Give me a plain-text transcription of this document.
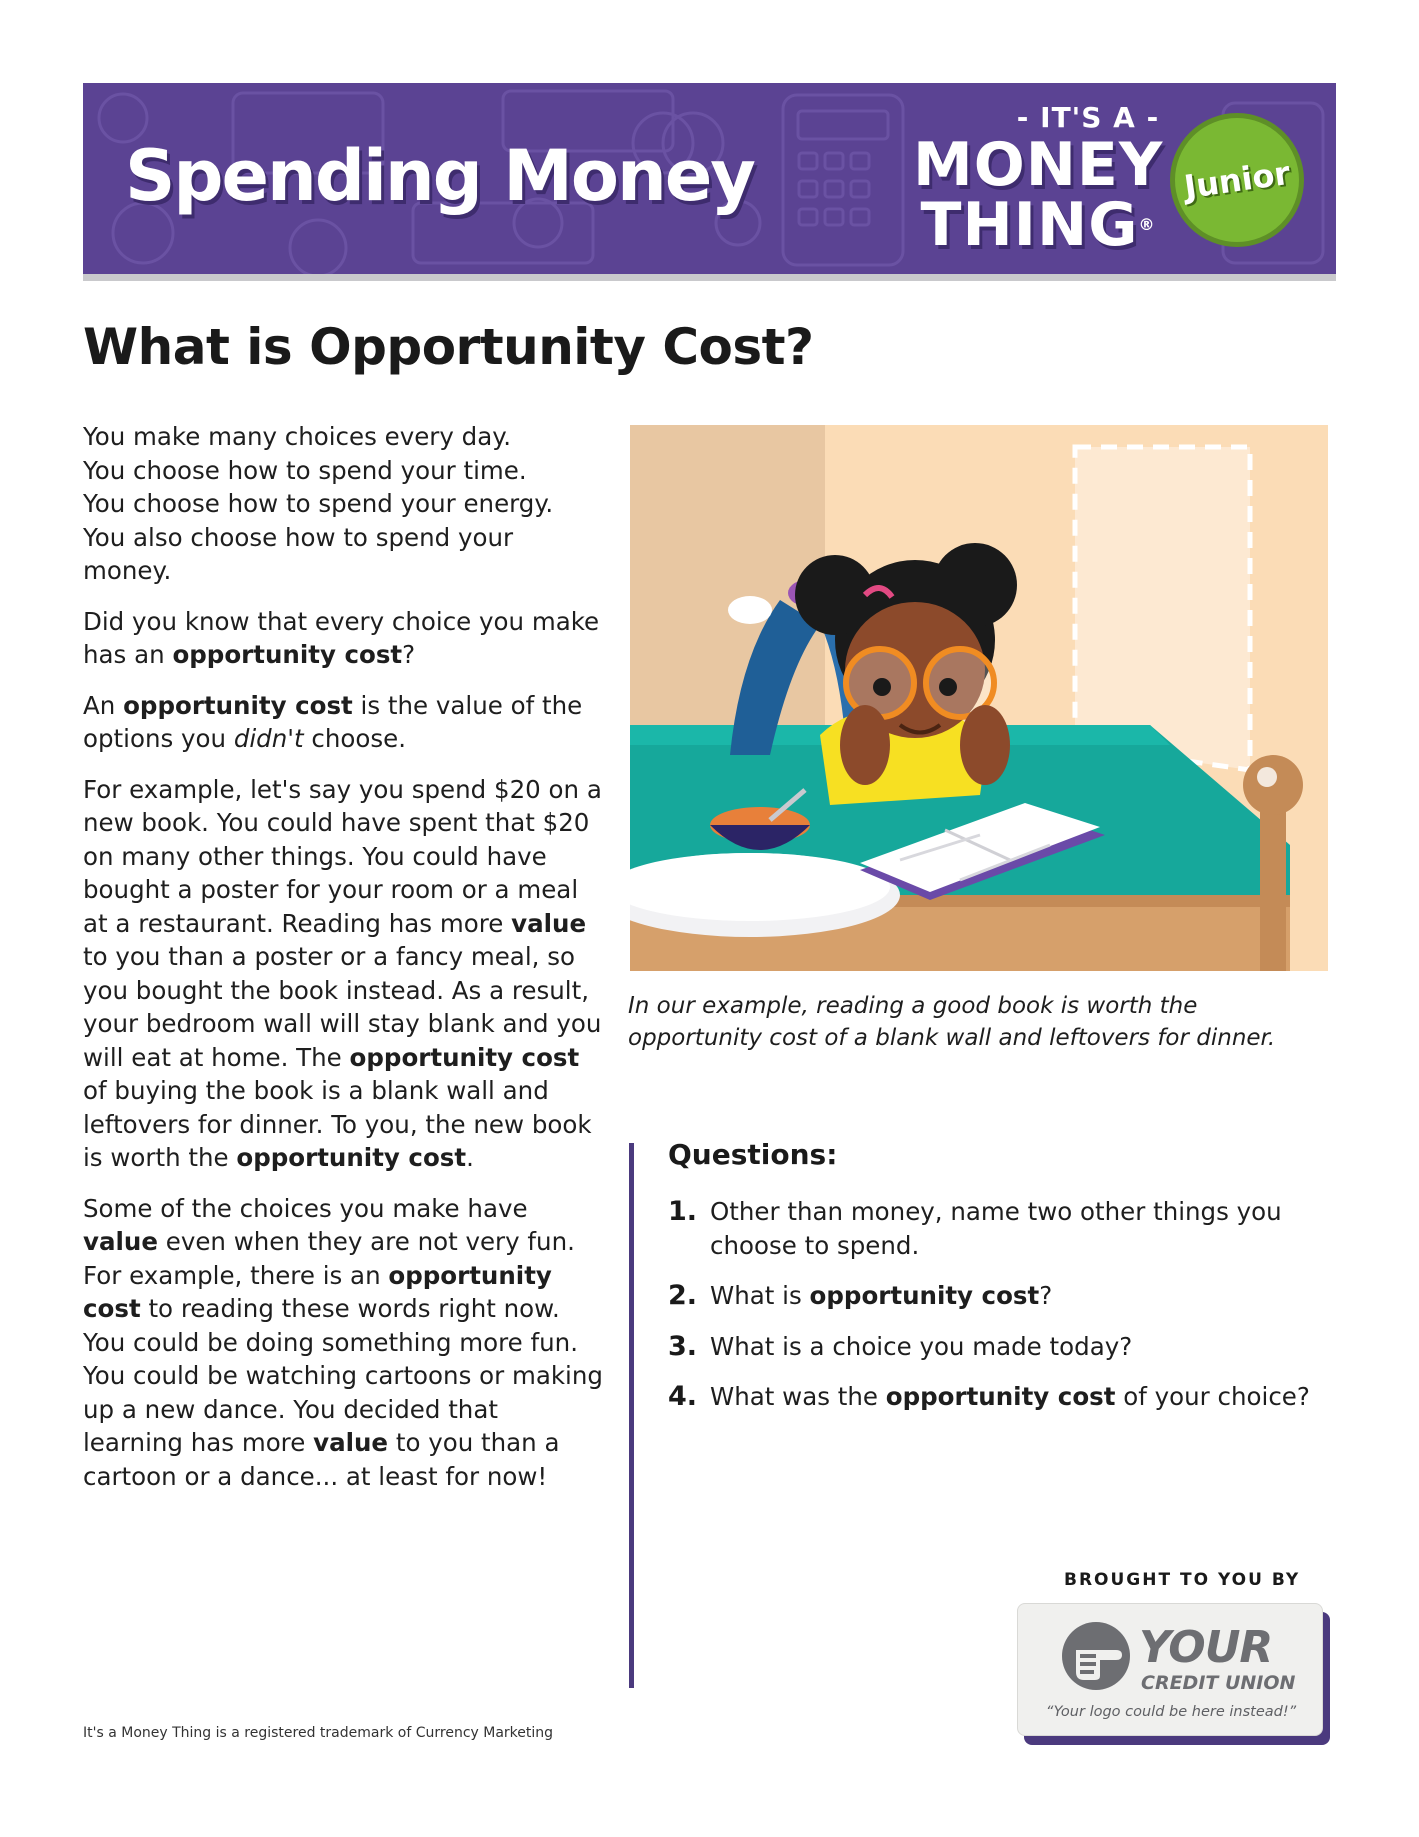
Spending Money
- IT'S A -
MONEY
THING®
Junior
What is Opportunity Cost?

You make many choices every day.
You choose how to spend your time.
You choose how to spend your energy.
You also choose how to spend your money.

Did you know that every choice you make has an opportunity cost?

An opportunity cost is the value of the options you didn't choose.

For example, let's say you spend $20 on a new book. You could have spent that $20 on many other things. You could have bought a poster for your room or a meal at a restaurant. Reading has more value to you than a poster or a fancy meal, so you bought the book instead. As a result, your bedroom wall will stay blank and you will eat at home. The opportunity cost of buying the book is a blank wall and leftovers for dinner. To you, the new book is worth the opportunity cost.

Some of the choices you make have value even when they are not very fun. For example, there is an opportunity cost to reading these words right now. You could be doing something more fun. You could be watching cartoons or making up a new dance. You decided that learning has more value to you than a cartoon or a dance... at least for now!

In our example, reading a good book is worth the opportunity cost of a blank wall and leftovers for dinner.
Questions:
1. Other than money, name two other things you choose to spend.
2. What is opportunity cost?
3. What is a choice you made today?
4. What was the opportunity cost of your choice?
BROUGHT TO YOU BY
YOUR
CREDIT UNION
“Your logo could be here instead!”
It's a Money Thing is a registered trademark of Currency Marketing
